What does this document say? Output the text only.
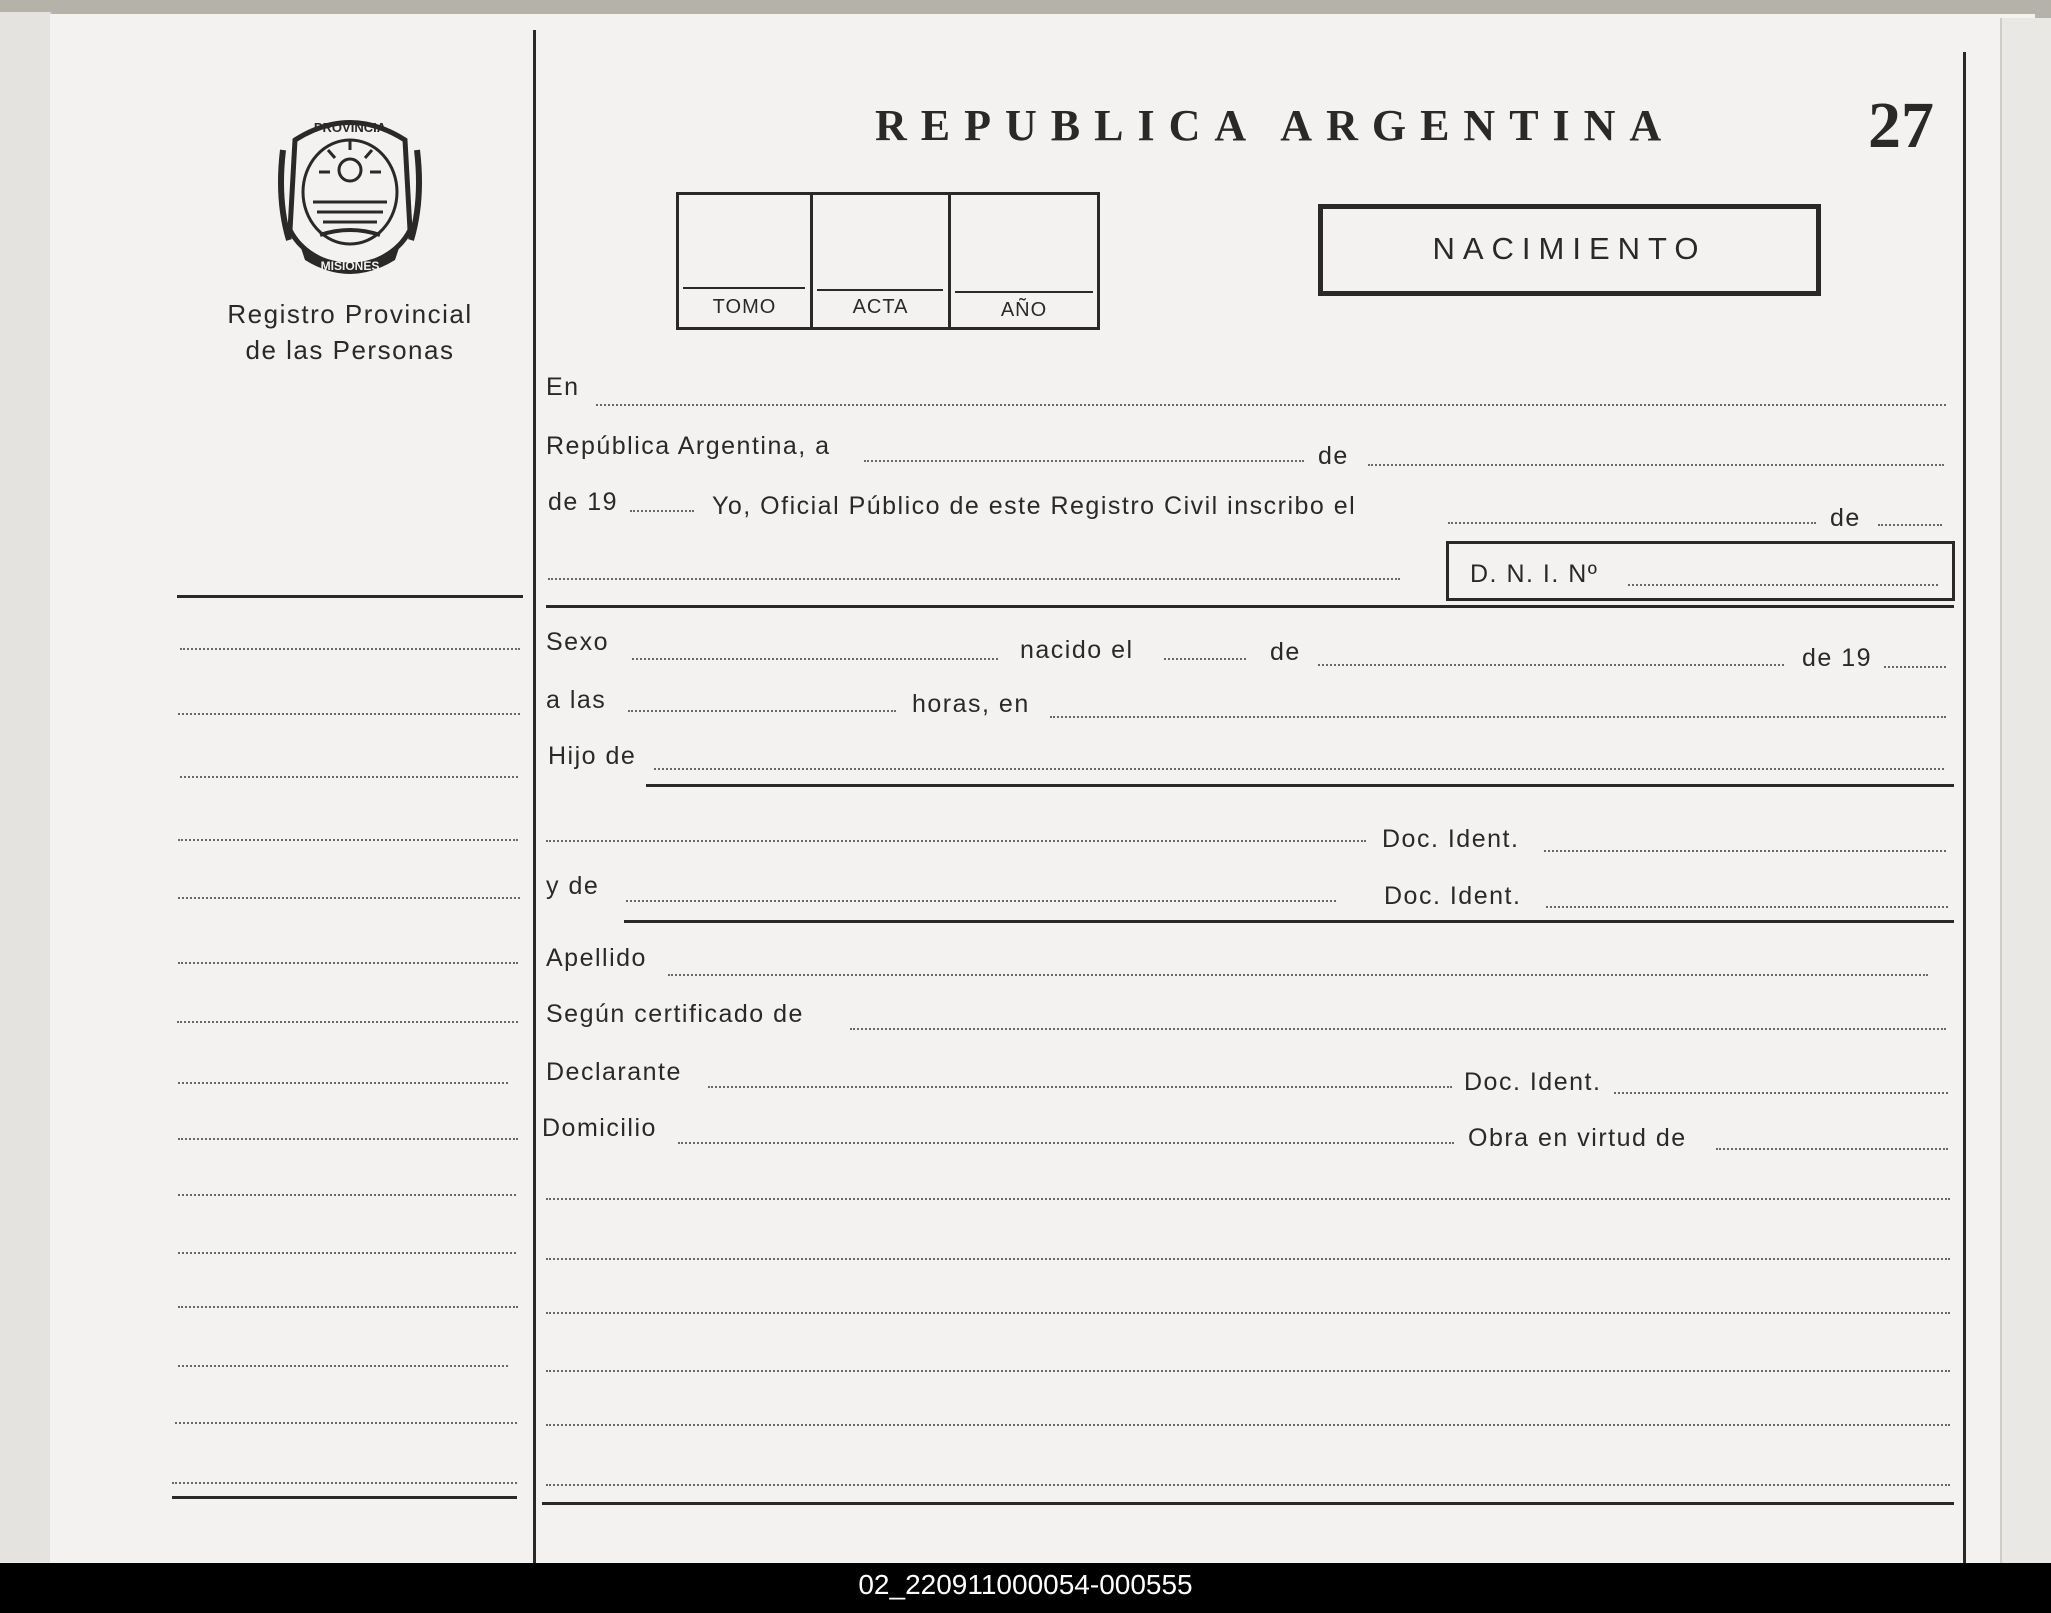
PROVINCIA
MISIONES
Registro Provincial
de las Personas
REPUBLICA ARGENTINA	27
TOMO	ACTA	AÑO
NACIMIENTO
En
República Argentina, a	de
de 19	Yo, Oficial Público de este Registro Civil inscribo el	de
D. N. I. Nº
Sexo	nacido el	de	de 19
a las	horas, en
Hijo de
Doc. Ident.
y de	Doc. Ident.
Apellido
Según certificado de
Declarante	Doc. Ident.
Domicilio	Obra en virtud de
02_220911000054-000555
